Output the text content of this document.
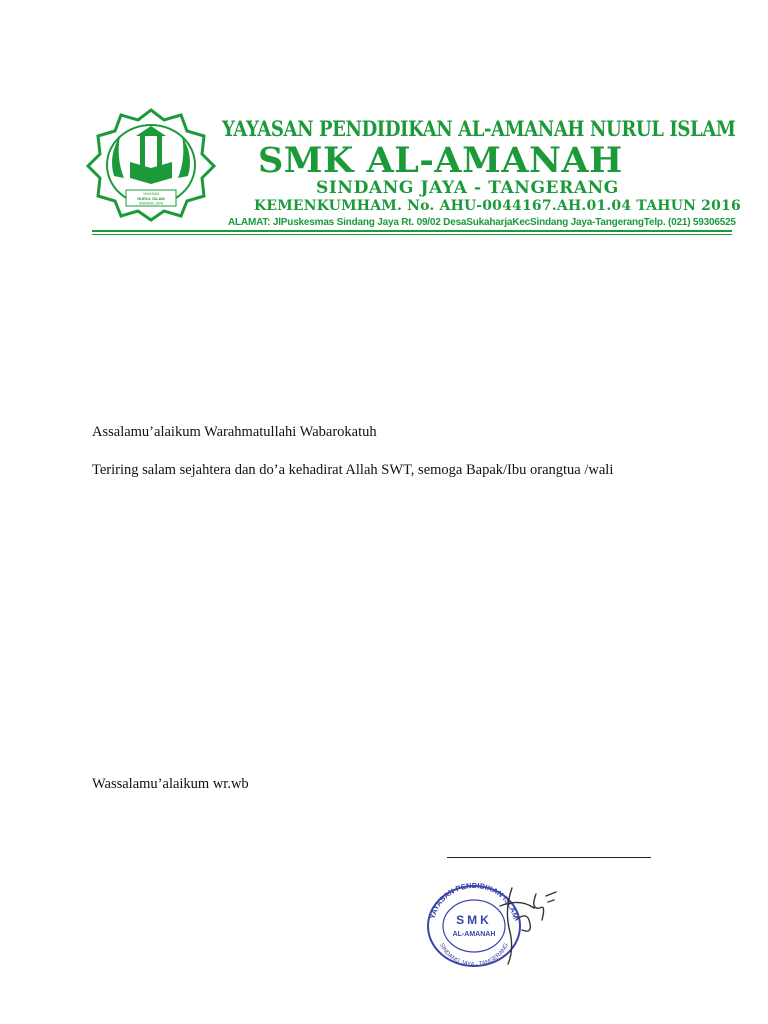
YAYASAN
NURUL ISLAM
SINDANG JAYA
YAYASAN PENDIDIKAN AL-AMANAH NURUL ISLAM
SMK AL-AMANAH
SINDANG JAYA - TANGERANG
KEMENKUMHAM. No. AHU-0044167.AH.01.04 TAHUN 2016
ALAMAT: JlPuskesmas Sindang Jaya Rt. 09/02 DesaSukaharjaKecSindang Jaya-TangerangTelp. (021) 59306525
Assalamu’alaikum Warahmatullahi Wabarokatuh
Teriring salam sejahtera dan do’a kehadirat Allah SWT, semoga Bapak/Ibu orangtua /wali
Wassalamu’alaikum wr.wb
YAYASAN PENDIDIKAN ISLAM
SINDANG JAYA - TANGERANG
SMK
AL-AMANAH
